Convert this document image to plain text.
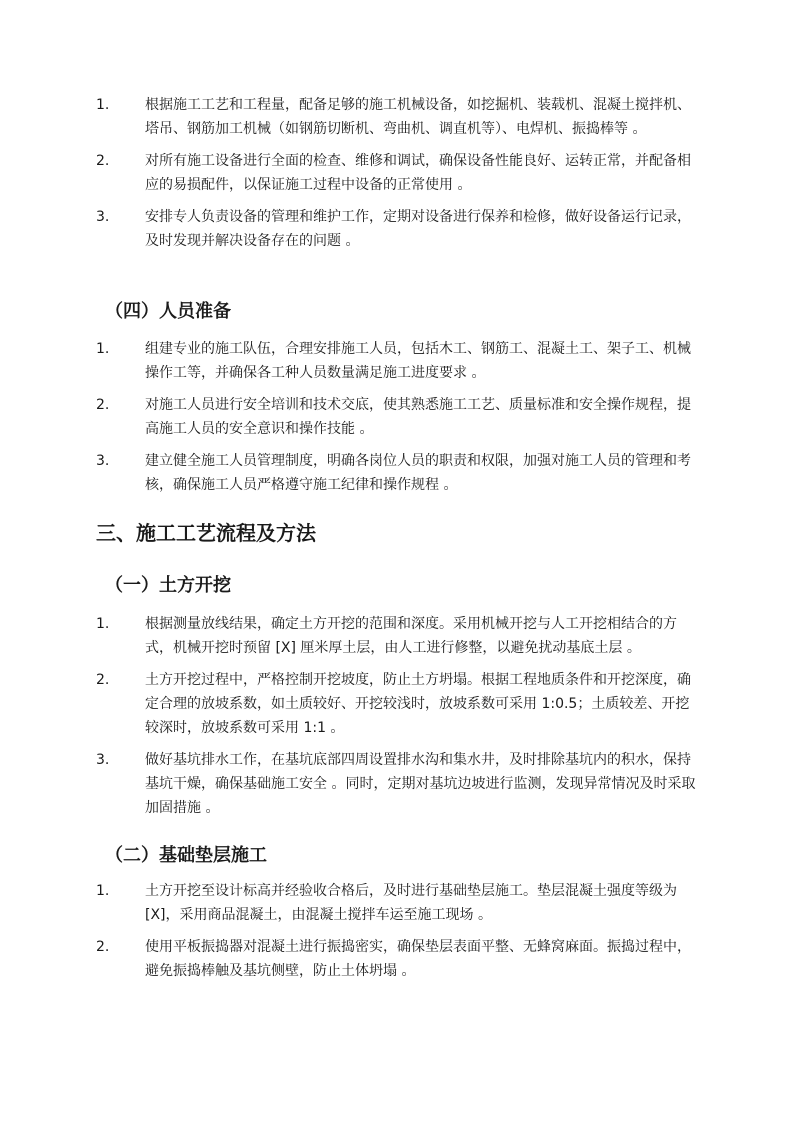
1.	根据施工工艺和工程量，配备足够的施工机械设备，如挖掘机、装载机、混凝土搅拌机、塔吊、钢筋加工机械（如钢筋切断机、弯曲机、调直机等）、电焊机、振捣棒等 。
2.	对所有施工设备进行全面的检查、维修和调试，确保设备性能良好、运转正常，并配备相应的易损配件，以保证施工过程中设备的正常使用 。
3.	安排专人负责设备的管理和维护工作，定期对设备进行保养和检修，做好设备运行记录，及时发现并解决设备存在的问题 。
（四）人员准备
1.	组建专业的施工队伍，合理安排施工人员，包括木工、钢筋工、混凝土工、架子工、机械操作工等，并确保各工种人员数量满足施工进度要求 。
2.	对施工人员进行安全培训和技术交底，使其熟悉施工工艺、质量标准和安全操作规程，提高施工人员的安全意识和操作技能 。
3.	建立健全施工人员管理制度，明确各岗位人员的职责和权限，加强对施工人员的管理和考核，确保施工人员严格遵守施工纪律和操作规程 。
三、施工工艺流程及方法
（一）土方开挖
1.	根据测量放线结果，确定土方开挖的范围和深度。采用机械开挖与人工开挖相结合的方式，机械开挖时预留 [X] 厘米厚土层，由人工进行修整，以避免扰动基底土层 。
2.	土方开挖过程中，严格控制开挖坡度，防止土方坍塌。根据工程地质条件和开挖深度，确定合理的放坡系数，如土质较好、开挖较浅时，放坡系数可采用 1:0.5；土质较差、开挖较深时，放坡系数可采用 1:1 。
3.	做好基坑排水工作，在基坑底部四周设置排水沟和集水井，及时排除基坑内的积水，保持基坑干燥，确保基础施工安全 。同时，定期对基坑边坡进行监测，发现异常情况及时采取加固措施 。
（二）基础垫层施工
1.	土方开挖至设计标高并经验收合格后，及时进行基础垫层施工。垫层混凝土强度等级为 [X]，采用商品混凝土，由混凝土搅拌车运至施工现场 。
2.	使用平板振捣器对混凝土进行振捣密实，确保垫层表面平整、无蜂窝麻面。振捣过程中，避免振捣棒触及基坑侧壁，防止土体坍塌 。
